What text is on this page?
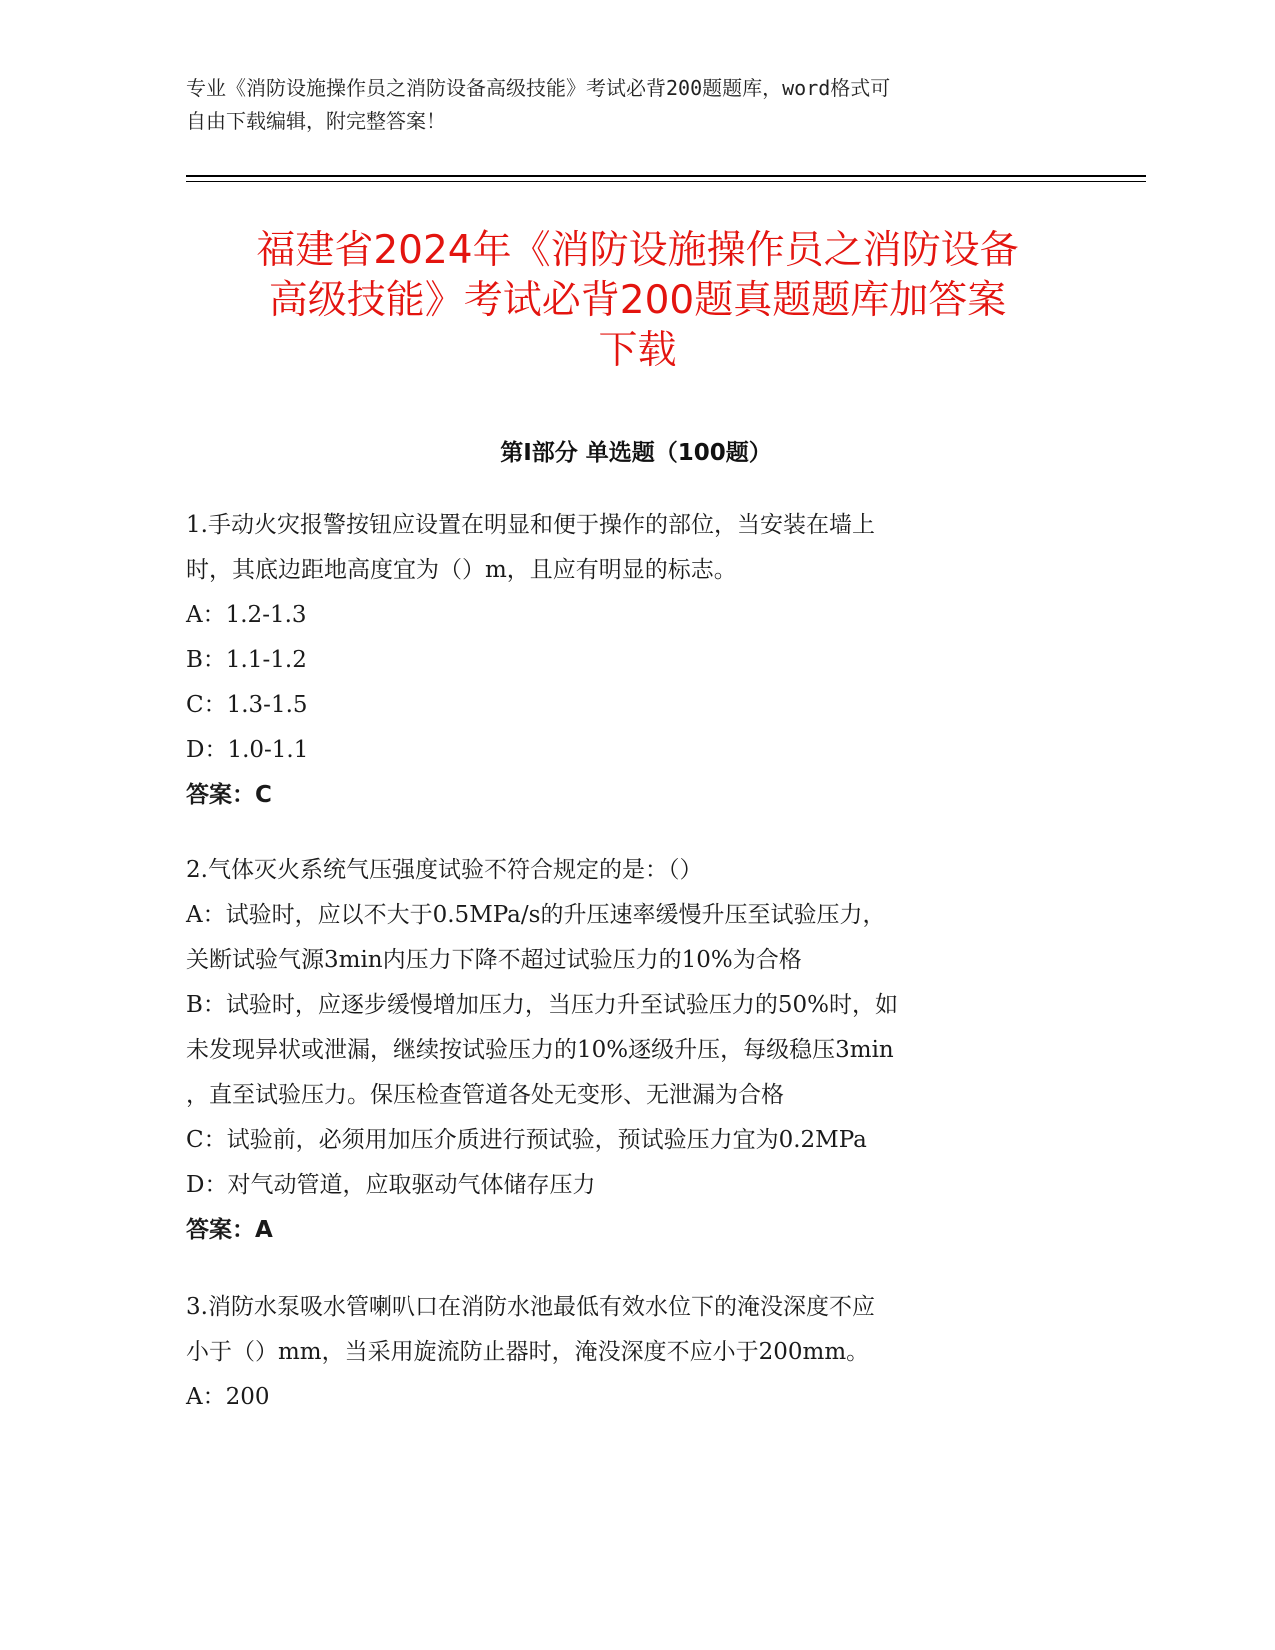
专业《消防设施操作员之消防设备高级技能》考试必背200题题库，word格式可
自由下载编辑，附完整答案！
福建省2024年《消防设施操作员之消防设备
高级技能》考试必背200题真题题库加答案
下载
第Ⅰ部分 单选题（100题）
1.手动火灾报警按钮应设置在明显和便于操作的部位，当安装在墙上
时，其底边距地高度宜为（）m，且应有明显的标志。
A：1.2-1.3
B：1.1-1.2
C：1.3-1.5
D：1.0-1.1
答案：C
2.气体灭火系统气压强度试验不符合规定的是：（）
A：试验时，应以不大于0.5MPa/s的升压速率缓慢升压至试验压力，
关断试验气源3min内压力下降不超过试验压力的10%为合格
B：试验时，应逐步缓慢增加压力，当压力升至试验压力的50%时，如
未发现异状或泄漏，继续按试验压力的10%逐级升压，每级稳压3min
，直至试验压力。保压检查管道各处无变形、无泄漏为合格
C：试验前，必须用加压介质进行预试验，预试验压力宜为0.2MPa
D：对气动管道，应取驱动气体储存压力
答案：A
3.消防水泵吸水管喇叭口在消防水池最低有效水位下的淹没深度不应
小于（）mm，当采用旋流防止器时，淹没深度不应小于200mm。
A：200
